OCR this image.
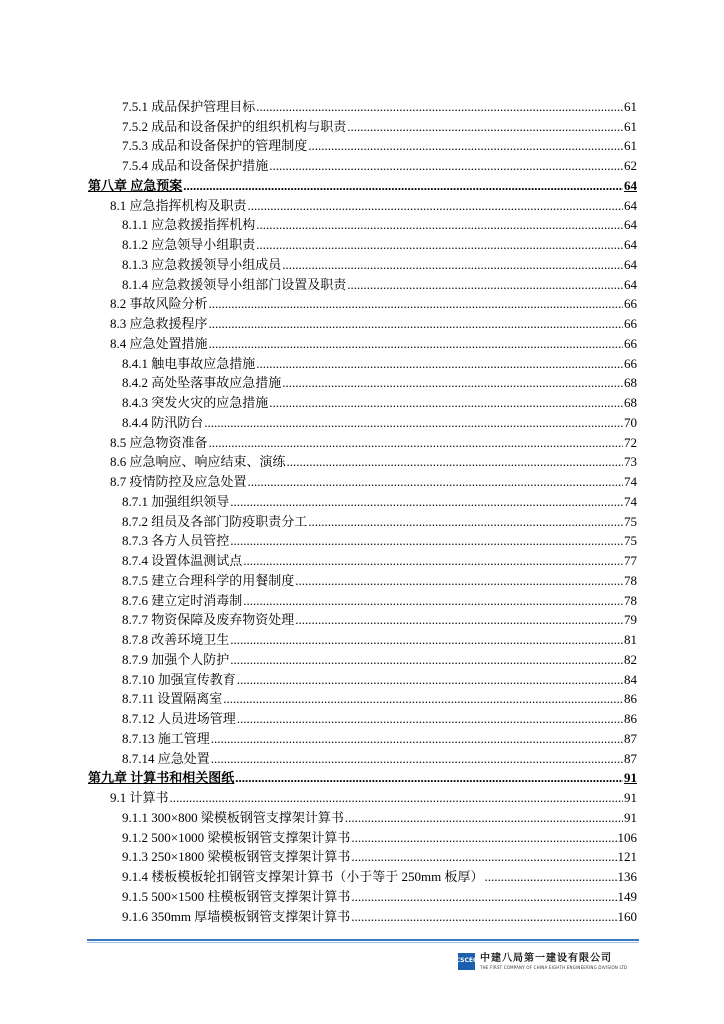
7.5.1 成品保护管理目标 .....	61
7.5.2 成品和设备保护的组织机构与职责 .....	61
7.5.3 成品和设备保护的管理制度 .....	61
7.5.4 成品和设备保护措施 .....	62
第八章 应急预案 .....	64
8.1 应急指挥机构及职责 .....	64
8.1.1 应急救援指挥机构 .....	64
8.1.2 应急领导小组职责 .....	64
8.1.3 应急救援领导小组成员 .....	64
8.1.4 应急救援领导小组部门设置及职责 .....	64
8.2 事故风险分析 .....	66
8.3 应急救援程序 .....	66
8.4 应急处置措施 .....	66
8.4.1 触电事故应急措施 .....	66
8.4.2 高处坠落事故应急措施 .....	68
8.4.3 突发火灾的应急措施 .....	68
8.4.4 防汛防台 .....	70
8.5 应急物资准备 .....	72
8.6 应急响应、响应结束、演练 .....	73
8.7 疫情防控及应急处置 .....	74
8.7.1 加强组织领导 .....	74
8.7.2 组员及各部门防疫职责分工 .....	75
8.7.3 各方人员管控 .....	75
8.7.4 设置体温测试点 .....	77
8.7.5 建立合理科学的用餐制度 .....	78
8.7.6 建立定时消毒制 .....	78
8.7.7 物资保障及废弃物资处理 .....	79
8.7.8 改善环境卫生 .....	81
8.7.9 加强个人防护 .....	82
8.7.10 加强宣传教育 .....	84
8.7.11 设置隔离室 .....	86
8.7.12 人员进场管理 .....	86
8.7.13 施工管理 .....	87
8.7.14 应急处置 .....	87
第九章 计算书和相关图纸 .....	91
9.1 计算书 .....	91
9.1.1 300×800 梁模板钢管支撑架计算书 .....	91
9.1.2 500×1000 梁模板钢管支撑架计算书 .....	106
9.1.3 250×1800 梁模板钢管支撑架计算书 .....	121
9.1.4 楼板模板轮扣钢管支撑架计算书（小于等于 250mm 板厚） .....	136
9.1.5 500×1500 柱模板钢管支撑架计算书 .....	149
9.1.6 350mm 厚墙模板钢管支撑架计算书 .....	160
CSCEC 中建八局第一建设有限公司
THE FIRST COMPANY OF CHINA EIGHTH ENGINEERING DIVISION LTD
